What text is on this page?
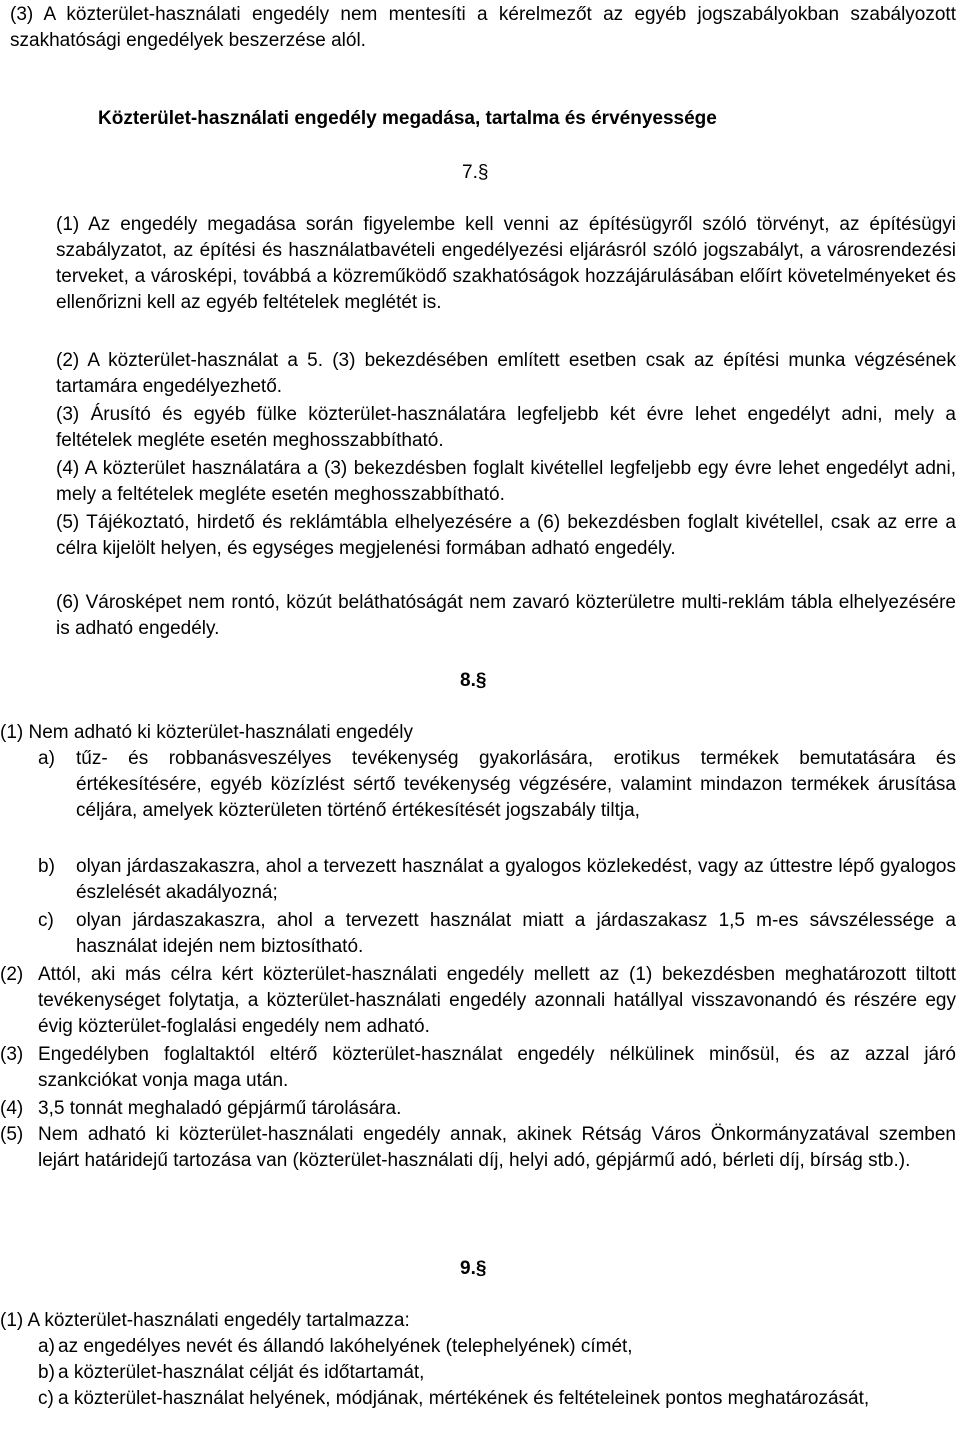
(3) A közterület-használati engedély nem mentesíti a kérelmezőt az egyéb jogszabályokban szabályozott szakhatósági engedélyek beszerzése alól.

Közterület-használati engedély megadása, tartalma és érvényessége

7.§

(1) Az engedély megadása során figyelembe kell venni az építésügyről szóló törvényt, az építésügyi szabályzatot, az építési és használatbavételi engedélyezési eljárásról szóló jogszabályt, a városrendezési terveket, a városképi, továbbá a közreműködő szakhatóságok hozzájárulásában előírt követelményeket és ellenőrizni kell az egyéb feltételek meglétét is.

(2) A közterület-használat a 5. (3) bekezdésében említett esetben csak az építési munka végzésének tartamára engedélyezhető.

(3) Árusító és egyéb fülke közterület-használatára legfeljebb két évre lehet engedélyt adni, mely a feltételek megléte esetén meghosszabbítható.

(4) A közterület használatára a (3) bekezdésben foglalt kivétellel legfeljebb egy évre lehet engedélyt adni, mely a feltételek megléte esetén meghosszabbítható.

(5) Tájékoztató, hirdető és reklámtábla elhelyezésére a (6) bekezdésben foglalt kivétellel, csak az erre a célra kijelölt helyen, és egységes megjelenési formában adható engedély.

(6) Városképet nem rontó, közút beláthatóságát nem zavaró közterületre multi-reklám tábla elhelyezésére is adható engedély.

8.§

(1) Nem adható ki közterület-használati engedély

a) tűz- és robbanásveszélyes tevékenység gyakorlására, erotikus termékek bemutatására és értékesítésére, egyéb közízlést sértő tevékenység végzésére, valamint mindazon termékek árusítása céljára, amelyek közterületen történő értékesítését jogszabály tiltja,
b) olyan járdaszakaszra, ahol a tervezett használat a gyalogos közlekedést, vagy az úttestre lépő gyalogos észlelését akadályozná;
c) olyan járdaszakaszra, ahol a tervezett használat miatt a járdaszakasz 1,5 m-es sávszélessége a használat idején nem biztosítható.
(2) Attól, aki más célra kért közterület-használati engedély mellett az (1) bekezdésben meghatározott tiltott tevékenységet folytatja, a közterület-használati engedély azonnali hatállyal visszavonandó és részére egy évig közterület-foglalási engedély nem adható.
(3) Engedélyben foglaltaktól eltérő közterület-használat engedély nélkülinek minősül, és az azzal járó szankciókat vonja maga után.
(4) 3,5 tonnát meghaladó gépjármű tárolására.
(5) Nem adható ki közterület-használati engedély annak, akinek Rétság Város Önkormányzatával szemben lejárt határidejű tartozása van (közterület-használati díj, helyi adó, gépjármű adó, bérleti díj, bírság stb.).

9.§

(1) A közterület-használati engedély tartalmazza:

a) az engedélyes nevét és állandó lakóhelyének (telephelyének) címét,
b) a közterület-használat célját és időtartamát,
c) a közterület-használat helyének, módjának, mértékének és feltételeinek pontos meghatározását,
